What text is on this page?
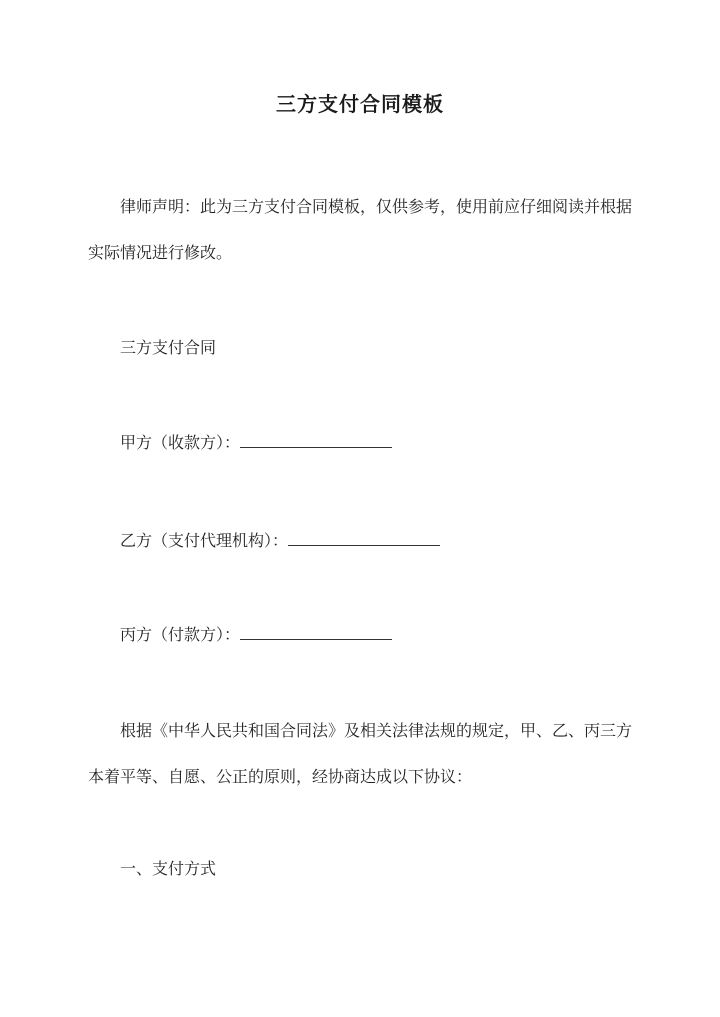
三方支付合同模板

律师声明：此为三方支付合同模板，仅供参考，使用前应仔细阅读并根据实际情况进行修改。

三方支付合同
甲方（收款方）：
乙方（支付代理机构）：
丙方（付款方）：

根据《中华人民共和国合同法》及相关法律法规的规定，甲、乙、丙三方本着平等、自愿、公正的原则，经协商达成以下协议：

一、支付方式
